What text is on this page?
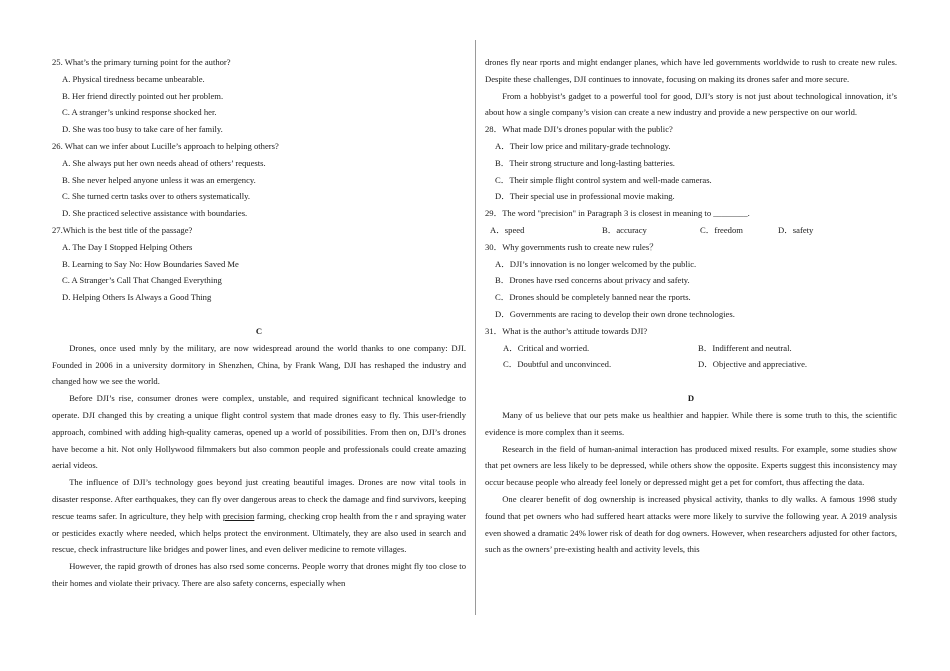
25. What’s the primary turning point for the author?
A. Physical tiredness became unbearable.
B. Her friend directly pointed out her problem.
C. A stranger’s unkind response shocked her.
D. She was too busy to take care of her family.
26. What can we infer about Lucille’s approach to helping others?
A. She always put her own needs ahead of others’ requests.
B. She never helped anyone unless it was an emergency.
C. She turned certn tasks over to others systematically.
D. She practiced selective assistance with boundaries.
27.Which is the best title of the passage?
A. The Day I Stopped Helping Others
B. Learning to Say No: How Boundaries Saved Me
C. A Stranger’s Call That Changed Everything
D. Helping Others Is Always a Good Thing
C
Drones, once used mnly by the military, are now widespread around the world thanks to one company: DJI. Founded in 2006 in a university dormitory in Shenzhen, China, by Frank Wang, DJI has reshaped the industry and changed how we see the world.
Before DJI’s rise, consumer drones were complex, unstable, and required significant technical knowledge to operate. DJI changed this by creating a unique flight control system that made drones easy to fly. This user-friendly approach, combined with adding high-quality cameras, opened up a world of possibilities. From then on, DJI’s drones have become a hit. Not only Hollywood filmmakers but also common people and professionals could create amazing aerial videos.
The influence of DJI’s technology goes beyond just creating beautiful images. Drones are now vital tools in disaster response. After earthquakes, they can fly over dangerous areas to check the damage and find survivors, keeping rescue teams safer. In agriculture, they help with precision farming, checking crop health from the r and spraying water or pesticides exactly where needed, which helps protect the environment. Ultimately, they are also used in search and rescue, check infrastructure like bridges and power lines, and even deliver medicine to remote villages.
However, the rapid growth of drones has also rsed some concerns. People worry that drones might fly too close to their homes and violate their privacy. There are also safety concerns, especially when
drones fly near rports and might endanger planes, which have led governments worldwide to rush to create new rules. Despite these challenges, DJI continues to innovate, focusing on making its drones safer and more secure.
From a hobbyist’s gadget to a powerful tool for good, DJI’s story is not just about technological innovation, it’s about how a single company’s vision can create a new industry and provide a new perspective on our world.
28．What made DJI’s drones popular with the public?
A．Their low price and military-grade technology.
B．Their strong structure and long-lasting batteries.
C．Their simple flight control system and well-made cameras.
D．Their special use in professional movie making.
29．The word "precision" in Paragraph 3 is closest in meaning to ________.
A．speed	B．accuracy	C．freedom	D．safety
30．Why governments rush to create new rules？
A．DJI’s innovation is no longer welcomed by the public.
B．Drones have rsed concerns about privacy and safety.
C．Drones should be completely banned near the rports.
D．Governments are racing to develop their own drone technologies.
31．What is the author’s attitude towards DJI?
A．Critical and worried.	B．Indifferent and neutral.
C．Doubtful and unconvinced.	D．Objective and appreciative.
D
Many of us believe that our pets make us healthier and happier. While there is some truth to this, the scientific evidence is more complex than it seems.
Research in the field of human-animal interaction has produced mixed results. For example, some studies show that pet owners are less likely to be depressed, while others show the opposite. Experts suggest this inconsistency may occur because people who already feel lonely or depressed might get a pet for comfort, thus affecting the data.
One clearer benefit of dog ownership is increased physical activity, thanks to dly walks. A famous 1998 study found that pet owners who had suffered heart attacks were more likely to survive the following year. A 2019 analysis even showed a dramatic 24% lower risk of death for dog owners. However, when researchers adjusted for other factors, such as the owners’ pre-existing health and activity levels, this
